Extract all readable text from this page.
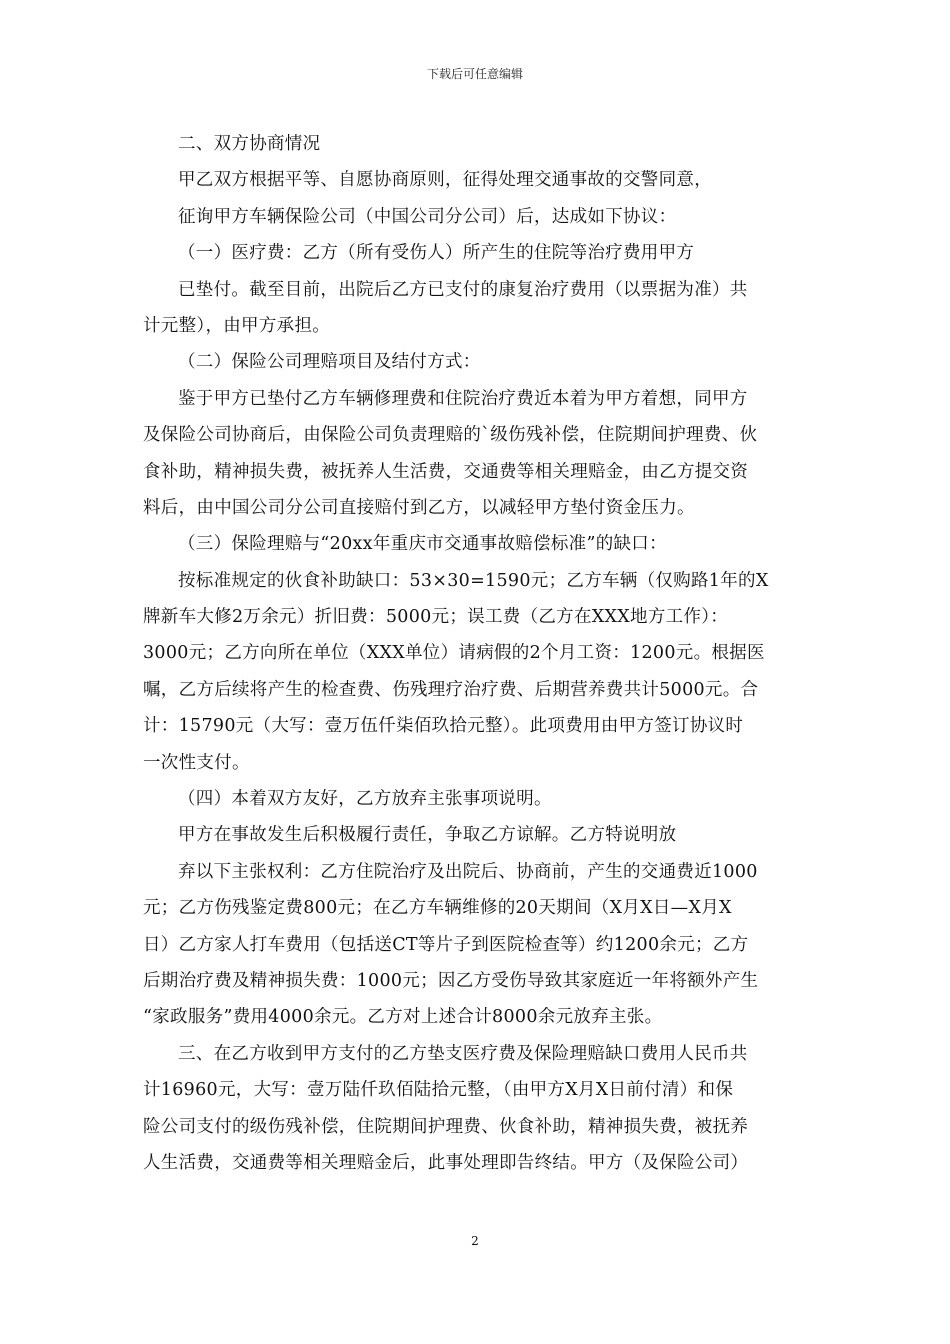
下载后可任意编辑
二、双方协商情况
甲乙双方根据平等、自愿协商原则，征得处理交通事故的交警同意，
征询甲方车辆保险公司（中国公司分公司）后，达成如下协议：
（一）医疗费：乙方（所有受伤人）所产生的住院等治疗费用甲方
已垫付。截至目前，出院后乙方已支付的康复治疗费用（以票据为准）共
计元整），由甲方承担。
（二）保险公司理赔项目及结付方式：
鉴于甲方已垫付乙方车辆修理费和住院治疗费近本着为甲方着想，同甲方
及保险公司协商后，由保险公司负责理赔的`级伤残补偿，住院期间护理费、伙
食补助，精神损失费，被抚养人生活费，交通费等相关理赔金，由乙方提交资
料后，由中国公司分公司直接赔付到乙方，以减轻甲方垫付资金压力。
（三）保险理赔与“20xx年重庆市交通事故赔偿标准”的缺口：
按标准规定的伙食补助缺口：53×30=1590元；乙方车辆（仅购路1年的X
牌新车大修2万余元）折旧费：5000元；误工费（乙方在XXX地方工作）：
3000元；乙方向所在单位（XXX单位）请病假的2个月工资：1200元。根据医
嘱，乙方后续将产生的检查费、伤残理疗治疗费、后期营养费共计5000元。合
计：15790元（大写：壹万伍仟柒佰玖拾元整）。此项费用由甲方签订协议时
一次性支付。
（四）本着双方友好，乙方放弃主张事项说明。
甲方在事故发生后积极履行责任，争取乙方谅解。乙方特说明放
弃以下主张权利：乙方住院治疗及出院后、协商前，产生的交通费近1000
元；乙方伤残鉴定费800元；在乙方车辆维修的20天期间（X月X日—X月X
日）乙方家人打车费用（包括送CT等片子到医院检查等）约1200余元；乙方
后期治疗费及精神损失费：1000元；因乙方受伤导致其家庭近一年将额外产生
“家政服务”费用4000余元。乙方对上述合计8000余元放弃主张。
三、在乙方收到甲方支付的乙方垫支医疗费及保险理赔缺口费用人民币共
计16960元，大写：壹万陆仟玖佰陆拾元整，（由甲方X月X日前付清）和保
险公司支付的级伤残补偿，住院期间护理费、伙食补助，精神损失费，被抚养
人生活费，交通费等相关理赔金后，此事处理即告终结。甲方（及保险公司）
2
